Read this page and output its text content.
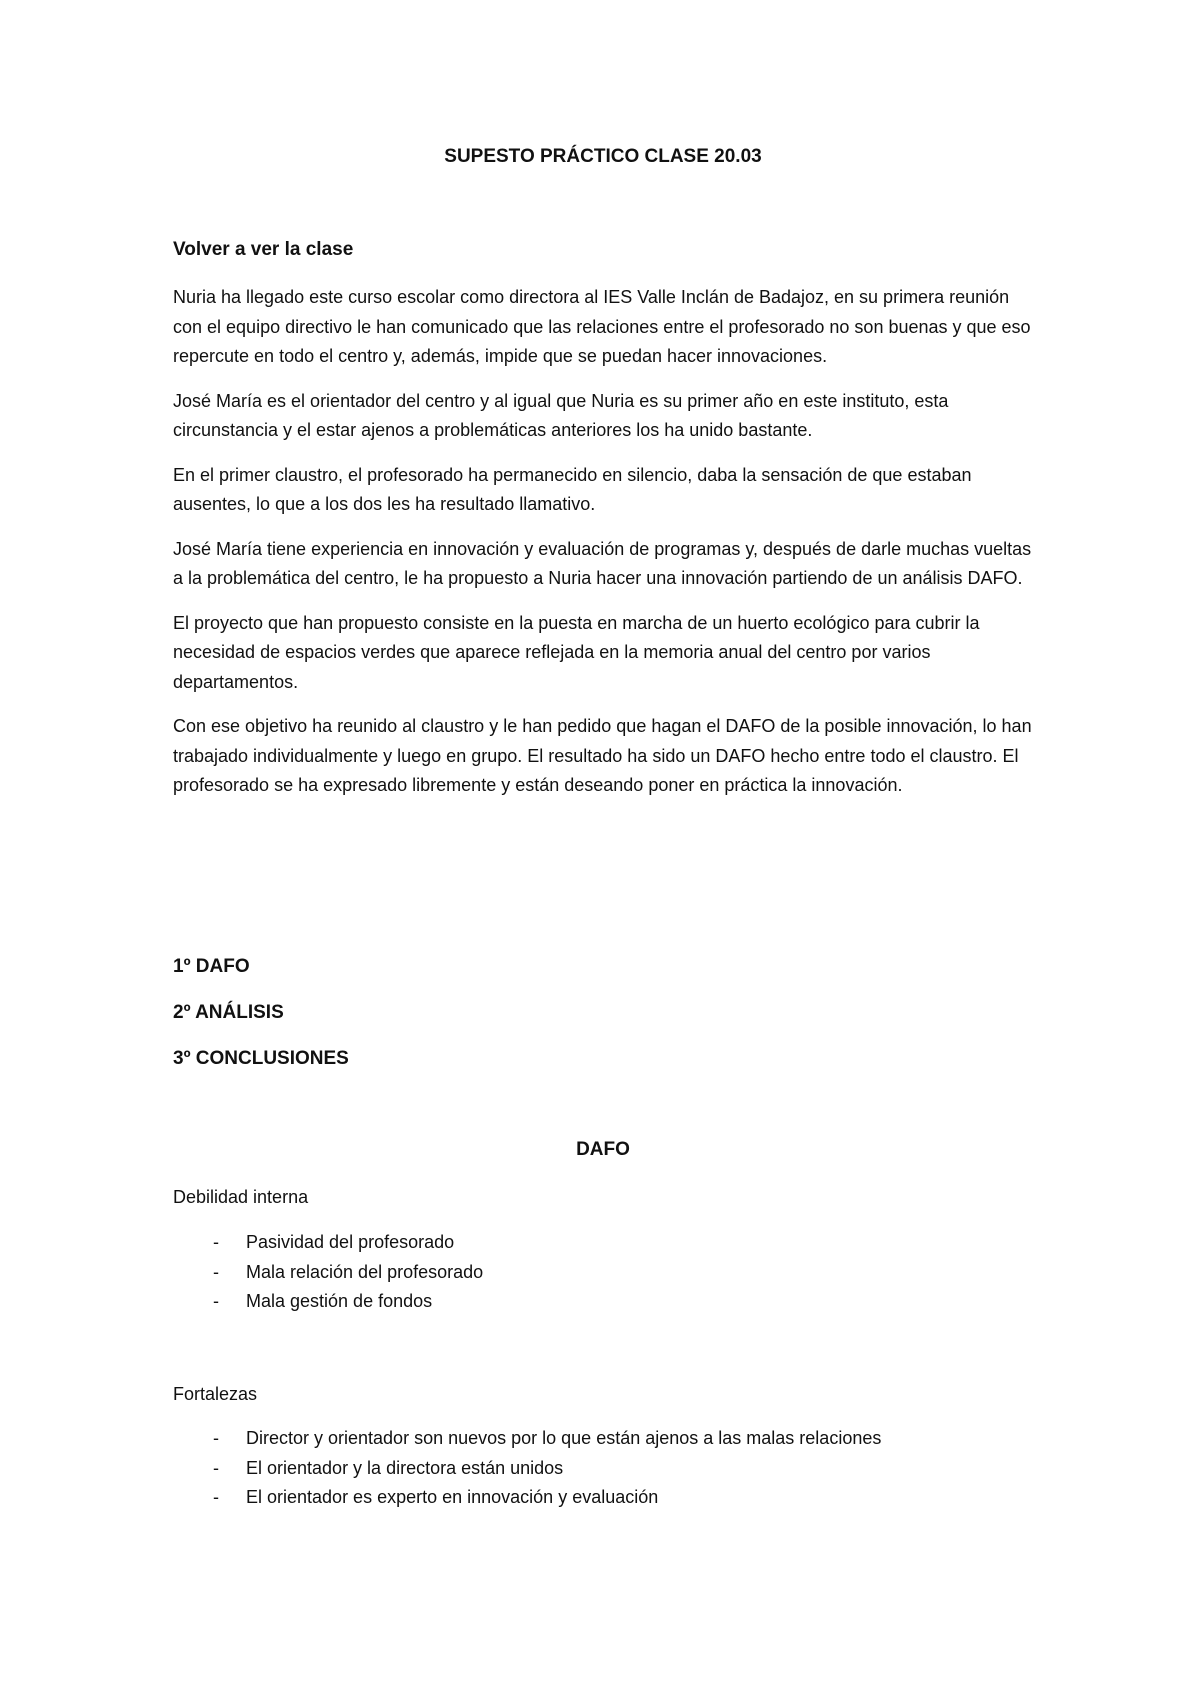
SUPESTO PRÁCTICO CLASE 20.03
Volver a ver la clase

Nuria ha llegado este curso escolar como directora al IES Valle Inclán de Badajoz, en su primera reunión con el equipo directivo le han comunicado que las relaciones entre el profesorado no son buenas y que eso repercute en todo el centro y, además, impide que se puedan hacer innovaciones.

José María es el orientador del centro y al igual que Nuria es su primer año en este instituto, esta circunstancia y el estar ajenos a problemáticas anteriores los ha unido bastante.

En el primer claustro, el profesorado ha permanecido en silencio, daba la sensación de que estaban ausentes, lo que a los dos les ha resultado llamativo.

José María tiene experiencia en innovación y evaluación de programas y, después de darle muchas vueltas a la problemática del centro, le ha propuesto a Nuria hacer una innovación partiendo de un análisis DAFO.

El proyecto que han propuesto consiste en la puesta en marcha de un huerto ecológico para cubrir la necesidad de espacios verdes que aparece reflejada en la memoria anual del centro por varios departamentos.

Con ese objetivo ha reunido al claustro y le han pedido que hagan el DAFO de la posible innovación, lo han trabajado individualmente y luego en grupo. El resultado ha sido un DAFO hecho entre todo el claustro. El profesorado se ha expresado libremente y están deseando poner en práctica la innovación.

1º DAFO
2º ANÁLISIS
3º CONCLUSIONES
DAFO

Debilidad interna

- Pasividad del profesorado
- Mala relación del profesorado
- Mala gestión de fondos

Fortalezas

- Director y orientador son nuevos por lo que están ajenos a las malas relaciones
- El orientador y la directora están unidos
- El orientador es experto en innovación y evaluación
